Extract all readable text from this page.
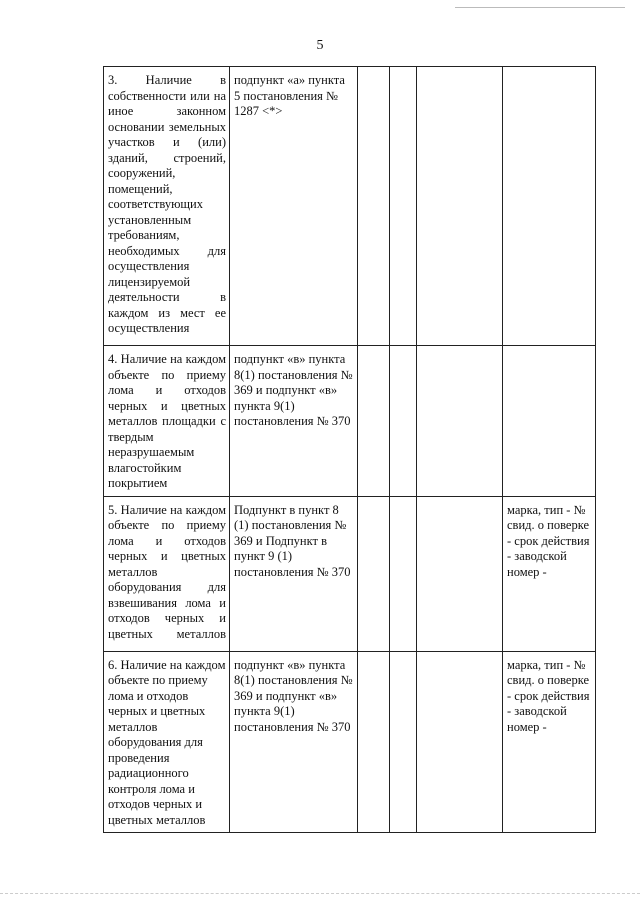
5
3. Наличие в собственности или на иное законном основании земельных участков и (или) зданий, строений, сооружений, помещений, соответствующих установленным требованиям, необходимых для осуществления лицензируемой деятельности в каждом из мест ее осуществления	подпункт «а» пункта 5 постановления № 1287 <*>				
4. Наличие на каждом объекте по приему лома и отходов черных и цветных металлов площадки с твердым неразрушаемым влагостойким покрытием	подпункт «в» пункта 8(1) постановления № 369 и подпункт «в» пункта 9(1) постановления № 370				
5. Наличие на каждом объекте по приему лома и отходов черных и цветных металлов оборудования для взвешивания лома и отходов черных и цветных металлов	Подпункт в пункт 8 (1) постановления № 369 и Подпункт в пункт 9 (1) постановления № 370				марка, тип - № свид. о поверке - срок действия - заводской номер -
6. Наличие на каждом объекте по приему лома и отходов черных и цветных металлов оборудования для проведения радиационного контроля лома и отходов черных и цветных металлов	подпункт «в» пункта 8(1) постановления № 369 и подпункт «в» пункта 9(1) постановления № 370				марка, тип - № свид. о поверке - срок действия - заводской номер -
